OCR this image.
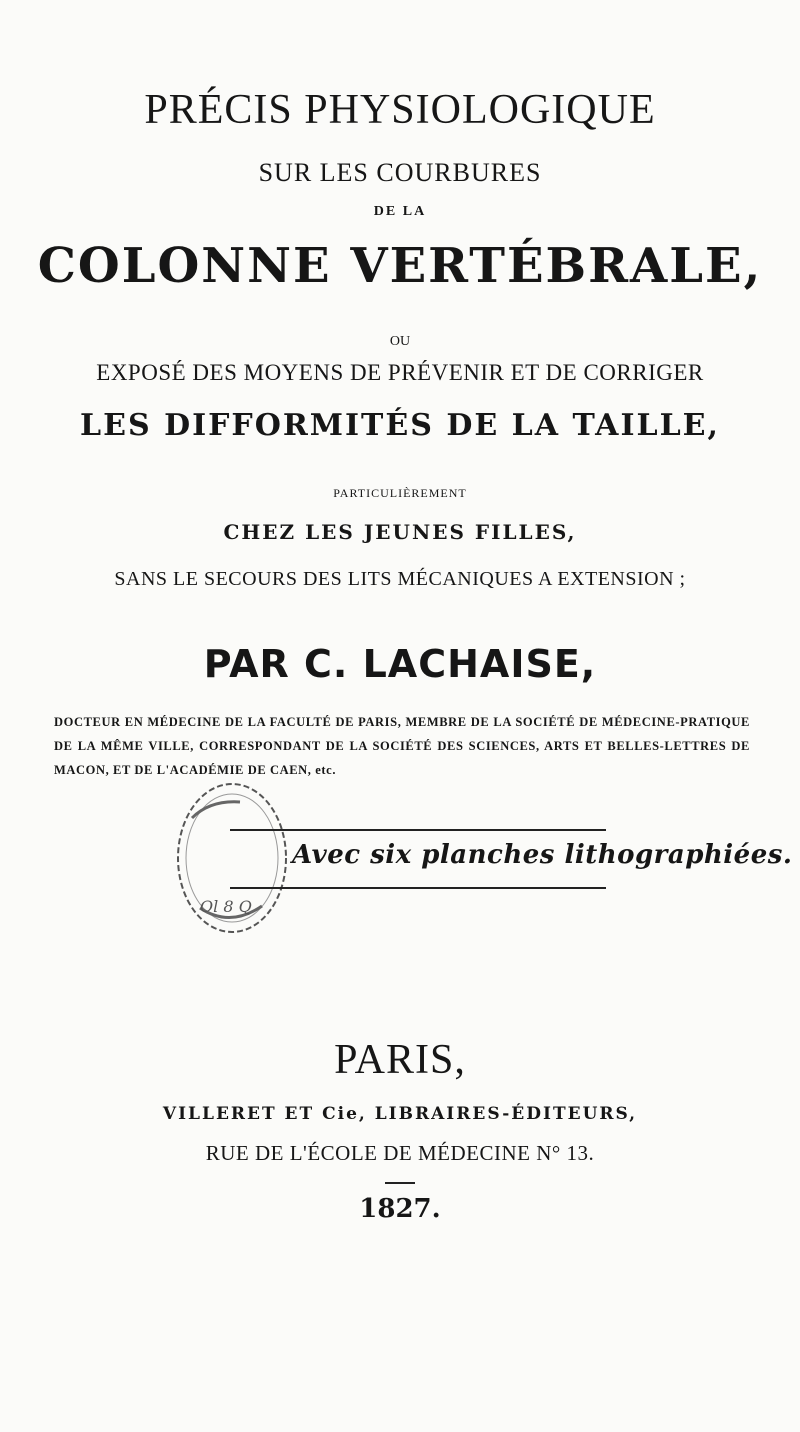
PRÉCIS PHYSIOLOGIQUE
SUR LES COURBURES
DE LA
COLONNE VERTÉBRALE,
OU
EXPOSÉ DES MOYENS DE PRÉVENIR ET DE CORRIGER
LES DIFFORMITÉS DE LA TAILLE,
PARTICULIÈREMENT
CHEZ LES JEUNES FILLES,
SANS LE SECOURS DES LITS MÉCANIQUES A EXTENSION ;
PAR C. LACHAISE,
DOCTEUR EN MÉDECINE DE LA FACULTÉ DE PARIS, MEMBRE DE LA SOCIÉTÉ DE MÉDECINE-PRATIQUE DE LA MÊME VILLE, CORRESPONDANT DE LA SOCIÉTÉ DES SCIENCES, ARTS ET BELLES-LETTRES DE MACON, ET DE L'ACADÉMIE DE CAEN, etc.
Ol 8 Q
Avec six planches lithographiées.
PARIS,
VILLERET ET Cie, LIBRAIRES-ÉDITEURS,
RUE DE L'ÉCOLE DE MÉDECINE N° 13.
1827.
